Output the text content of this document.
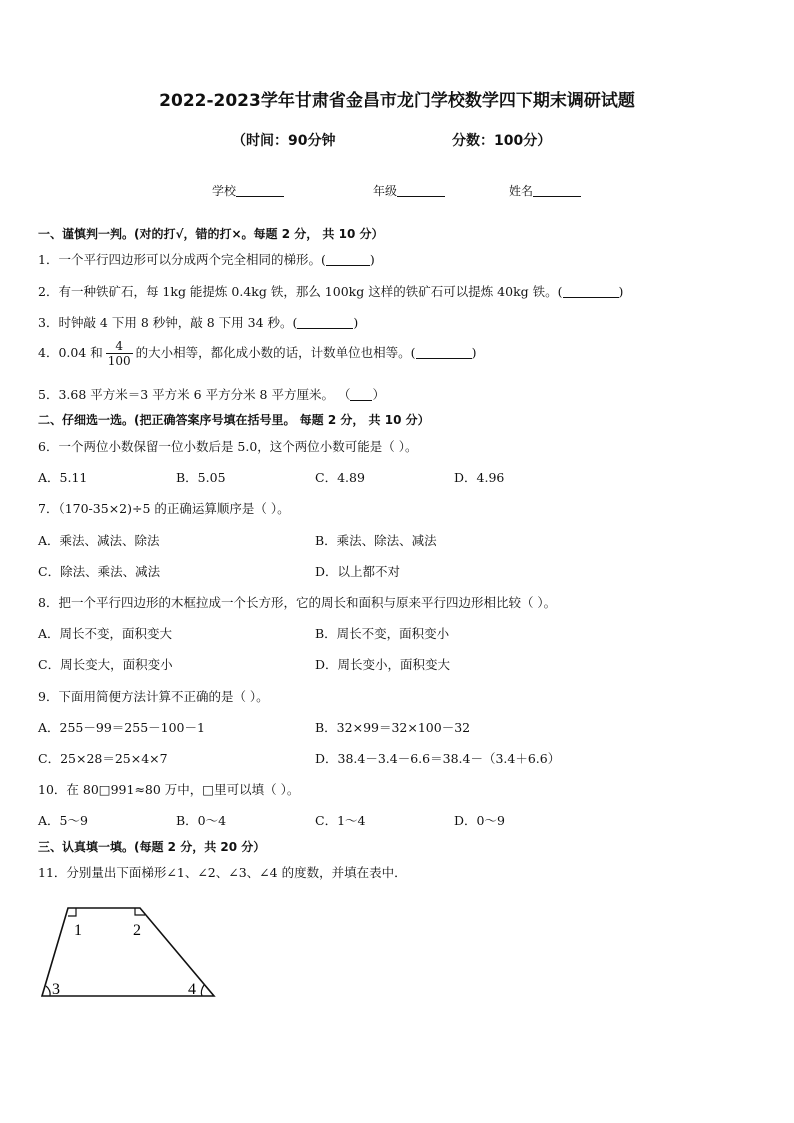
2022-2023学年甘肃省金昌市龙门学校数学四下期末调研试题
（时间：90分钟	分数：100分）
学校	年级	姓名
一、谨慎判一判。(对的打√，错的打×。每题 2 分， 共 10 分）
1．一个平行四边形可以分成两个完全相同的梯形。(	)
2．有一种铁矿石，每 1kg 能提炼 0.4kg 铁，那么 100kg 这样的铁矿石可以提炼 40kg 铁。(	)
3．时钟敲 4 下用 8 秒钟，敲 8 下用 34 秒。(	)
4．0.04 和 $\frac{4}{100}$ 的大小相等，都化成小数的话，计数单位也相等。(	)
5．3.68 平方米＝3 平方米 6 平方分米 8 平方厘米。 （ ）
二、仔细选一选。(把正确答案序号填在括号里。 每题 2 分， 共 10 分）
6．一个两位小数保留一位小数后是 5.0，这个两位小数可能是（ ）。
A．5.11	B．5.05	C．4.89	D．4.96
7．（170-35×2)÷5 的正确运算顺序是（ ）。
A．乘法、减法、除法	B．乘法、除法、减法
C．除法、乘法、减法	D．以上都不对
8．把一个平行四边形的木框拉成一个长方形，它的周长和面积与原来平行四边形相比较（ ）。
A．周长不变，面积变大	B．周长不变，面积变小
C．周长变大，面积变小	D．周长变小，面积变大
9．下面用简便方法计算不正确的是（ ）。
A．255－99＝255－100－1	B．32×99＝32×100－32
C．25×28＝25×4×7	D．38.4－3.4－6.6＝38.4－（3.4＋6.6）
10．在 80□991≈80 万中，□里可以填（ ）。
A．5～9	B．0～4	C．1～4	D．0～9
三、认真填一填。(每题 2 分，共 20 分）
11．分别量出下面梯形∠1、∠2、∠3、∠4 的度数，并填在表中．
1	2
3	4
